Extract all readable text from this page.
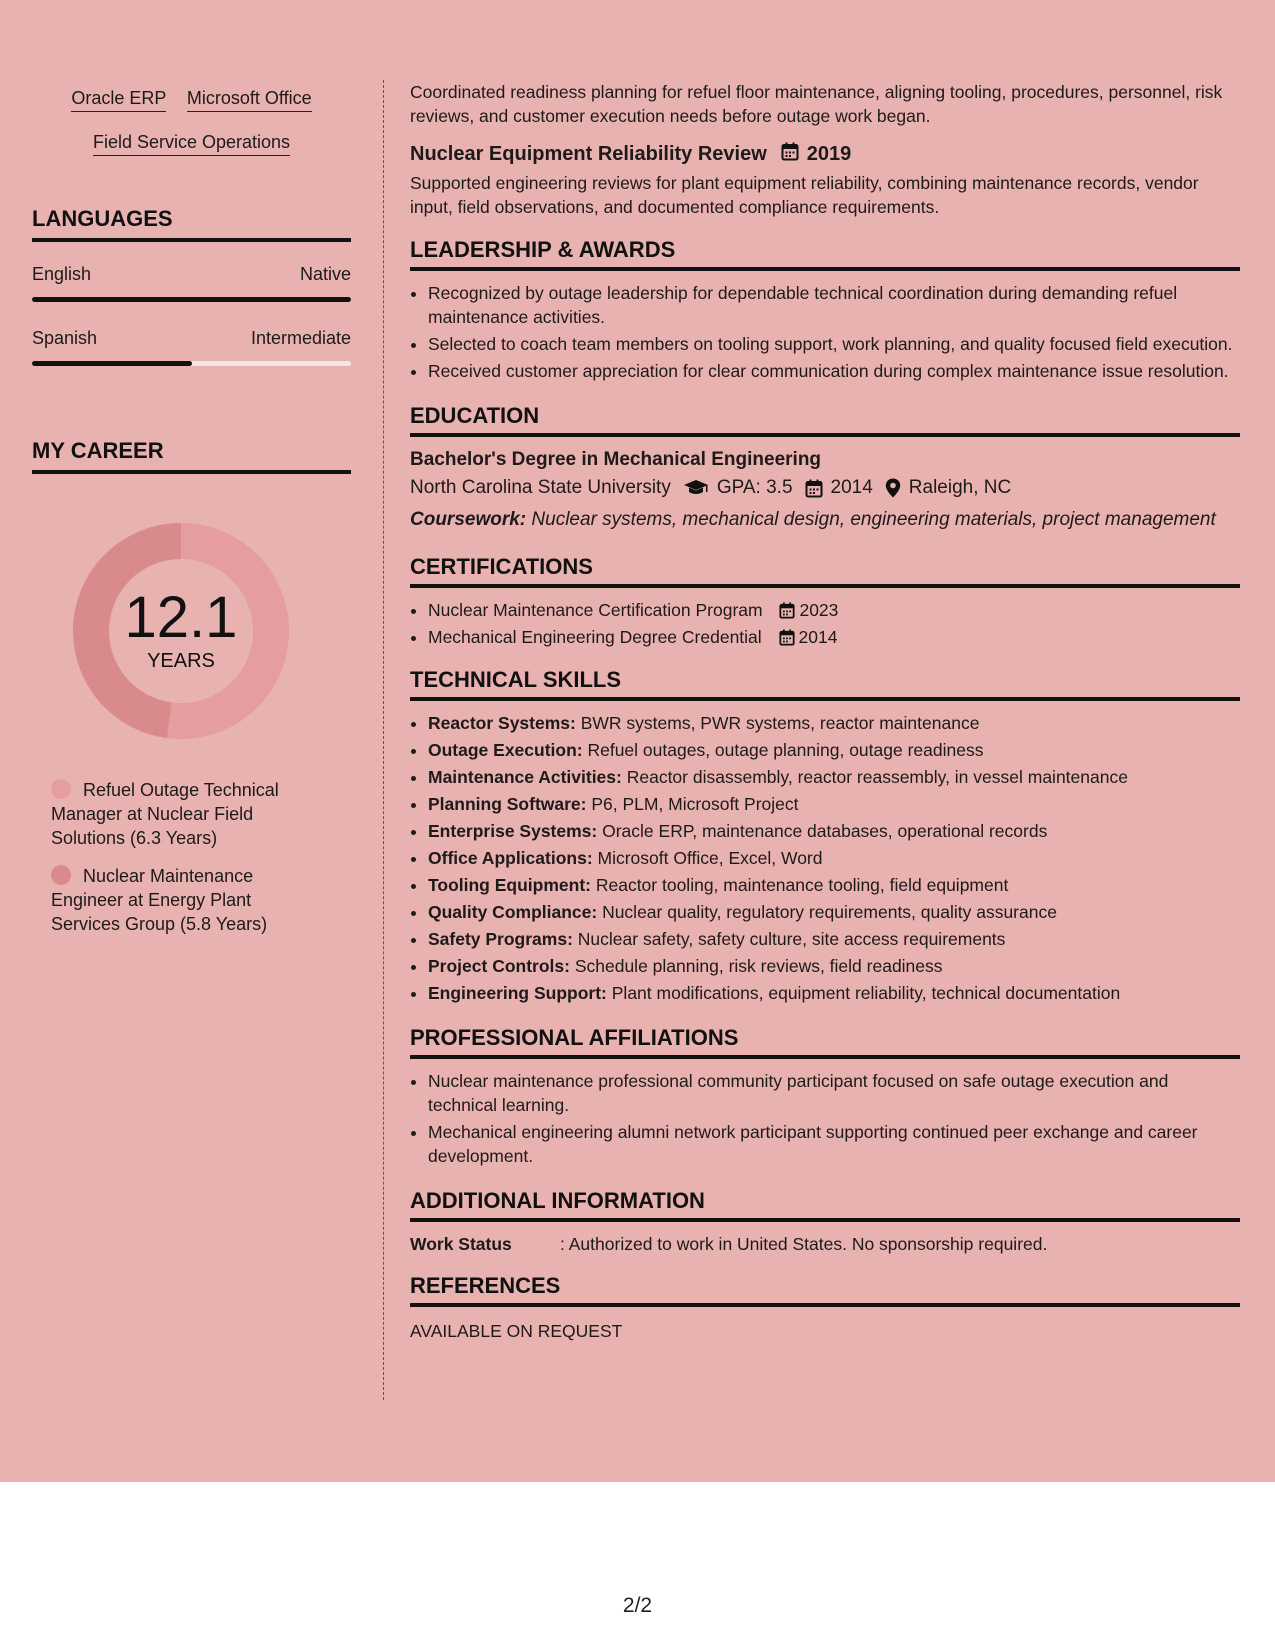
Oracle ERP Microsoft Office
Field Service Operations
LANGUAGES
English	Native
Spanish	Intermediate
MY CAREER
12.1
YEARS
Refuel Outage Technical Manager at Nuclear Field Solutions (6.3 Years)
Nuclear Maintenance Engineer at Energy Plant Services Group (5.8 Years)

Coordinated readiness planning for refuel floor maintenance, aligning tooling, procedures, personnel, risk reviews, and customer execution needs before outage work began.

Nuclear Equipment Reliability Review 2019

Supported engineering reviews for plant equipment reliability, combining maintenance records, vendor input, field observations, and documented compliance requirements.

LEADERSHIP & AWARDS
• Recognized by outage leadership for dependable technical coordination during demanding refuel maintenance activities.
• Selected to coach team members on tooling support, work planning, and quality focused field execution.
• Received customer appreciation for clear communication during complex maintenance issue resolution.
EDUCATION
Bachelor's Degree in Mechanical Engineering
North Carolina State University GPA: 3.5 2014 Raleigh, NC
Coursework: Nuclear systems, mechanical design, engineering materials, project management
CERTIFICATIONS
• Nuclear Maintenance Certification Program 2023
• Mechanical Engineering Degree Credential 2014
TECHNICAL SKILLS
• Reactor Systems: BWR systems, PWR systems, reactor maintenance
• Outage Execution: Refuel outages, outage planning, outage readiness
• Maintenance Activities: Reactor disassembly, reactor reassembly, in vessel maintenance
• Planning Software: P6, PLM, Microsoft Project
• Enterprise Systems: Oracle ERP, maintenance databases, operational records
• Office Applications: Microsoft Office, Excel, Word
• Tooling Equipment: Reactor tooling, maintenance tooling, field equipment
• Quality Compliance: Nuclear quality, regulatory requirements, quality assurance
• Safety Programs: Nuclear safety, safety culture, site access requirements
• Project Controls: Schedule planning, risk reviews, field readiness
• Engineering Support: Plant modifications, equipment reliability, technical documentation
PROFESSIONAL AFFILIATIONS
• Nuclear maintenance professional community participant focused on safe outage execution and technical learning.
• Mechanical engineering alumni network participant supporting continued peer exchange and career development.
ADDITIONAL INFORMATION
Work Status	: Authorized to work in United States. No sponsorship required.
REFERENCES
AVAILABLE ON REQUEST
2/2
